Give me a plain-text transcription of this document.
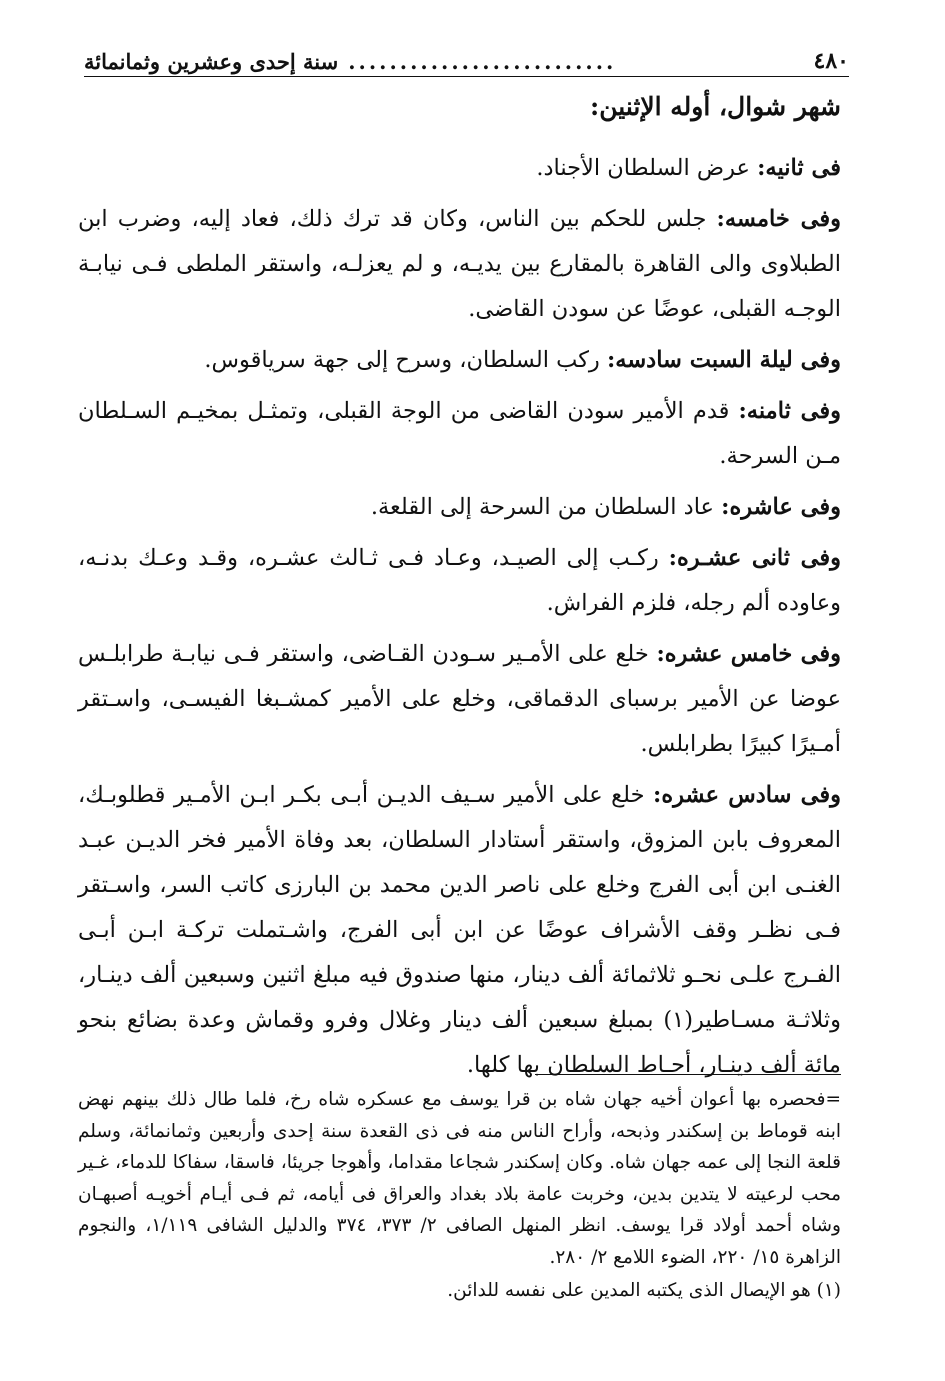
٤٨٠
..........................
سنة إحدى وعشرين وثمانمائة
شهر شوال، أوله الإثنين:

فى ثانيه: عرض السلطان الأجناد.

وفى خامسه: جلس للحكم بين الناس، وكان قد ترك ذلك، فعاد إليه، وضرب ابن الطبلاوى والى القاهرة بالمقارع بين يديـه، و لم يعزلـه، واستقر الملطى فـى نيابـة الوجـه القبلى، عوضًا عن سودن القاضى.

وفى ليلة السبت سادسه: ركب السلطان، وسرح إلى جهة سرياقوس.

وفى ثامنه: قدم الأمير سودن القاضى من الوجة القبلى، وتمثـل بمخيـم السـلطان مـن السرحة.

وفى عاشره: عاد السلطان من السرحة إلى القلعة.

وفى ثانى عشـره: ركـب إلى الصيـد، وعـاد فـى ثـالث عشـره، وقـد وعـك بدنـه، وعاوده ألم رجله، فلزم الفراش.

وفى خامس عشره: خلع على الأمـير سـودن القـاضى، واستقر فـى نيابـة طرابلـس عوضا عن الأمير برسباى الدقماقى، وخلع على الأمير كمشـبغا الفيسـى، واسـتقر أمـيرًا كبيرًا بطرابلس.

وفى سادس عشره: خلع على الأمير سـيف الديـن أبـى بكـر ابـن الأمـير قطلوبـك، المعروف بابن المزوق، واستقر أستادار السلطان، بعد وفاة الأمير فخر الديـن عبـد الغنـى ابن أبى الفرج وخلع على ناصر الدين محمد بن البارزى كاتب السر، واسـتقر فـى نظـر وقف الأشراف عوضًا عن ابن أبى الفرج، واشـتملت تركـة ابـن أبـى الفـرج علـى نحـو ثلاثمائة ألف دينار، منها صندوق فيه مبلغ اثنين وسبعين ألف دينـار، وثلاثـة مسـاطير(١) بمبلغ سبعين ألف دينار وغلال وفرو وقماش وعدة بضائع بنحو مائة ألف دينـار، أحـاط السلطان بها كلها.

=فحصره بها أعوان أخيه جهان شاه بن قرا يوسف مع عسكره شاه رخ، فلما طال ذلك بينهم نهض ابنه قوماط بن إسكندر وذبحه، وأراح الناس منه فى ذى القعدة سنة إحدى وأربعين وثمانمائة، وسلم قلعة النجا إلى عمه جهان شاه. وكان إسكندر شجاعا مقداما، وأهوجا جريئا، فاسقا، سفاكا للدماء، غـير محب لرعيته لا يتدين بدين، وخربت عامة بلاد بغداد والعراق فى أيامه، ثم فـى أيـام أخويـه أصبهـان وشاه أحمد أولاد قرا يوسف. انظر المنهل الصافى ٢/ ٣٧٣، ٣٧٤ والدليل الشافى ١/١١٩، والنجوم الزاهرة ١٥/ ٢٢٠، الضوء اللامع ٢/ ٢٨٠.

(١) هو الإيصال الذى يكتبه المدين على نفسه للدائن.
